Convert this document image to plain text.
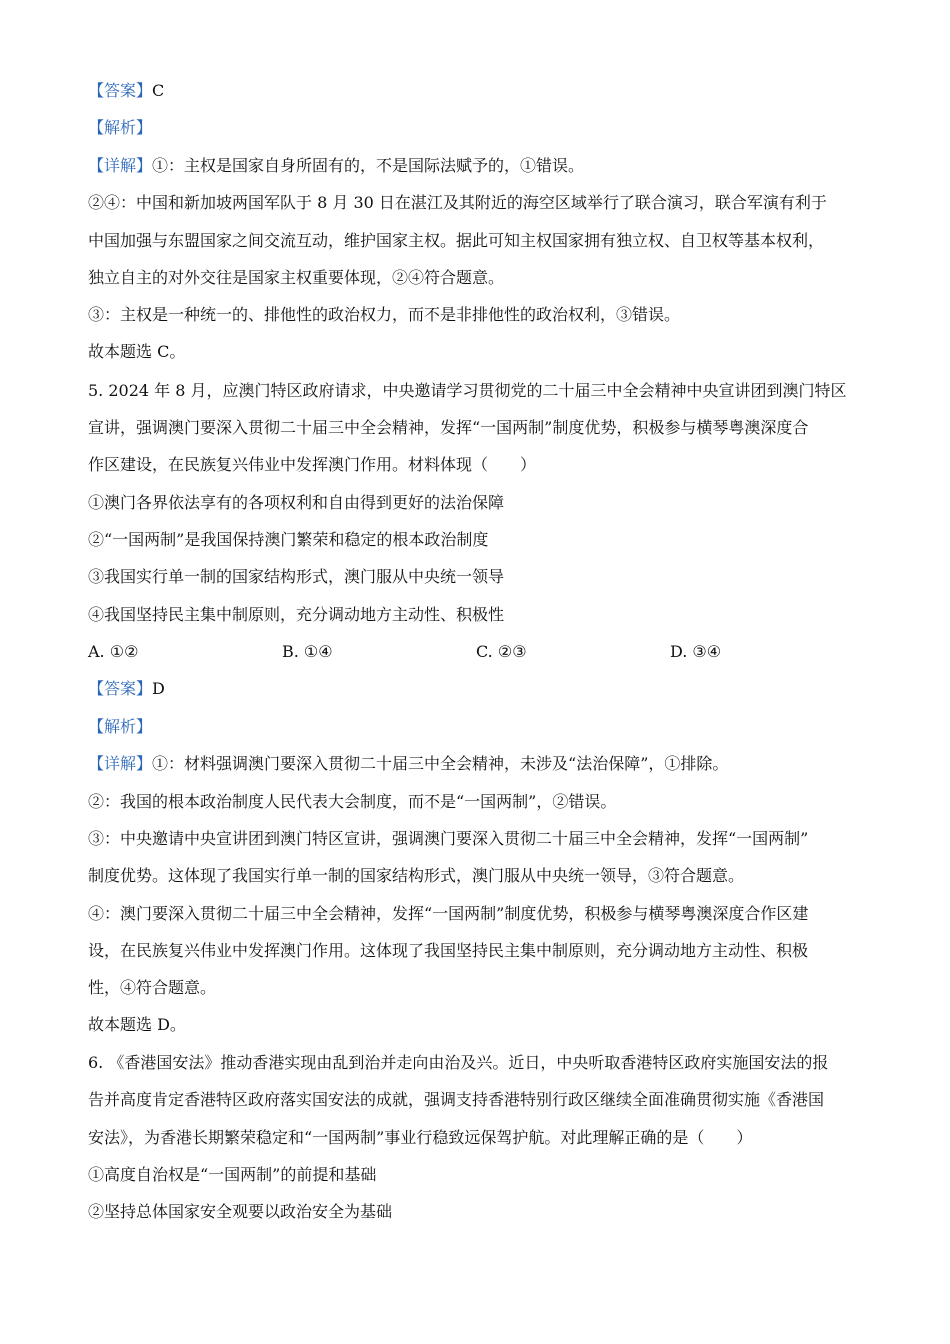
【答案】C
【解析】
【详解】①：主权是国家自身所固有的，不是国际法赋予的，①错误。
②④：中国和新加坡两国军队于 8 月 30 日在湛江及其附近的海空区域举行了联合演习，联合军演有利于
中国加强与东盟国家之间交流互动，维护国家主权。据此可知主权国家拥有独立权、自卫权等基本权利，
独立自主的对外交往是国家主权重要体现，②④符合题意。
③：主权是一种统一的、排他性的政治权力，而不是非排他性的政治权利，③错误。
故本题选 C。
5. 2024 年 8 月，应澳门特区政府请求，中央邀请学习贯彻党的二十届三中全会精神中央宣讲团到澳门特区
宣讲，强调澳门要深入贯彻二十届三中全会精神，发挥“一国两制”制度优势，积极参与横琴粤澳深度合
作区建设，在民族复兴伟业中发挥澳门作用。材料体现（　　）
①澳门各界依法享有的各项权利和自由得到更好的法治保障
②“一国两制”是我国保持澳门繁荣和稳定的根本政治制度
③我国实行单一制的国家结构形式，澳门服从中央统一领导
④我国坚持民主集中制原则，充分调动地方主动性、积极性
A. ①②	B. ①④	C. ②③	D. ③④
【答案】D
【解析】
【详解】①：材料强调澳门要深入贯彻二十届三中全会精神，未涉及“法治保障”，①排除。
②：我国的根本政治制度人民代表大会制度，而不是“一国两制”，②错误。
③：中央邀请中央宣讲团到澳门特区宣讲，强调澳门要深入贯彻二十届三中全会精神，发挥“一国两制”
制度优势。这体现了我国实行单一制的国家结构形式，澳门服从中央统一领导，③符合题意。
④：澳门要深入贯彻二十届三中全会精神，发挥“一国两制”制度优势，积极参与横琴粤澳深度合作区建
设，在民族复兴伟业中发挥澳门作用。这体现了我国坚持民主集中制原则，充分调动地方主动性、积极
性，④符合题意。
故本题选 D。
6. 《香港国安法》推动香港实现由乱到治并走向由治及兴。近日，中央听取香港特区政府实施国安法的报
告并高度肯定香港特区政府落实国安法的成就，强调支持香港特别行政区继续全面准确贯彻实施《香港国
安法》，为香港长期繁荣稳定和“一国两制”事业行稳致远保驾护航。对此理解正确的是（　　）
①高度自治权是“一国两制”的前提和基础
②坚持总体国家安全观要以政治安全为基础
